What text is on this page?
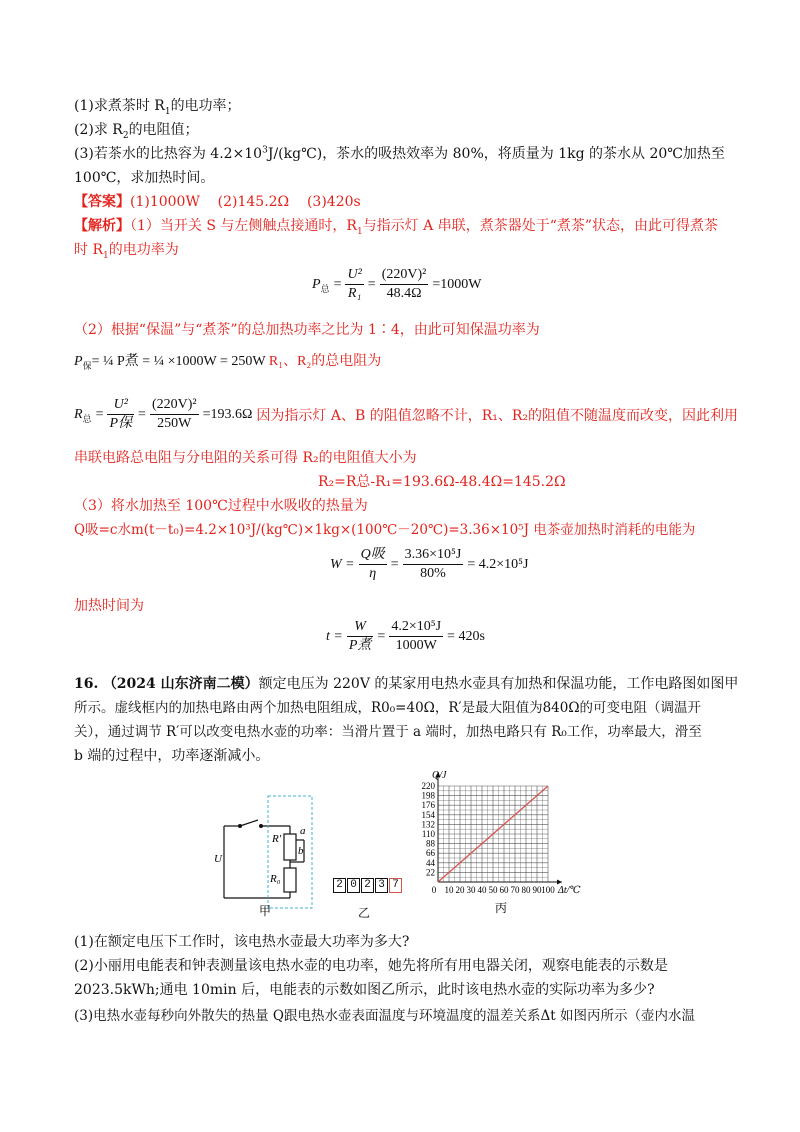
(1)求煮茶时 $R_1$的电功率；
(2)求 $R_2$的电阻值；
(3)若茶水的比热容为 $4.2\times 10^3J/(kg℃)$，茶水的吸热效率为 80%，将质量为 1kg 的茶水从 20℃加热至
100℃，求加热时间。
【答案】(1)1000W    (2)145.2Ω    (3)420s
【解析】（1）当开关 S 与左侧触点接通时，$R_1$与指示灯 A 串联，煮茶器处于“煮茶”状态，由此可得煮茶
时 $R_1$的电功率为
$P_总 = \frac{\text{U²}}{\text{R₁}} = \frac{\text{(220V)²}}{48.4\Omega} =1000W$
（2）根据“保温”与“煮茶”的总加热功率之比为 1∶4，由此可知保温功率为
$P_保=$ ¼ P煮 = ¼ ×1000W = 250W R₁、R₂的总电阻为
$R_总 = \frac{\text{U²}}{\text{P保}} = \frac{\text{(220V)²}}{250W} =193.6\Omega$ 因为指示灯 A、B 的阻值忽略不计，R₁、R₂的阻值不随温度而改变，因此利用
串联电路总电阻与分电阻的关系可得 R₂的电阻值大小为
R₂=R总-R₁=193.6Ω-48.4Ω=145.2Ω
（3）将水加热至 100℃过程中水吸收的热量为
Q吸=c水m(t－t₀)=4.2×10³J/(kg℃)×1kg×(100℃－20℃)=3.36×10⁵J 电茶壶加热时消耗的电能为
$W = \frac{\text{Q吸}}{\eta} = \frac{\text{3.36×10⁵J}}{80\%} = 4.2\times 10^5J$
加热时间为
$t = \frac{W}{\text{P煮}} = \frac{\text{4.2×10⁵J}}{1000W} = 420s$
16. （2024 山东济南二模）额定电压为 220V 的某家用电热水壶具有加热和保温功能，工作电路图如图甲
所示。虚线框内的加热电路由两个加热电阻组成，R0₀=40Ω，R′是最大阻值为840Ω的可变电阻（调温开
关），通过调节 R′可以改变电热水壶的功率：当滑片置于 a 端时，加热电路只有 R₀工作，功率最大，滑至
b 端的过程中，功率逐渐减小。
R′
a
b
U
R₀
甲
2 0 2 3 7
乙
22
44
66
88
110
132
154
176
198
220
0 10 20 30 40 50 60 70 80 90 100
Q/J
Δt/℃
丙
(1)在额定电压下工作时，该电热水壶最大功率为多大?
(2)小丽用电能表和钟表测量该电热水壶的电功率，她先将所有用电器关闭，观察电能表的示数是
2023.5kWh;通电 10min 后，电能表的示数如图乙所示，此时该电热水壶的实际功率为多少?
(3)电热水壶每秒向外散失的热量 Q跟电热水壶表面温度与环境温度的温差关系Δt 如图丙所示（壶内水温
